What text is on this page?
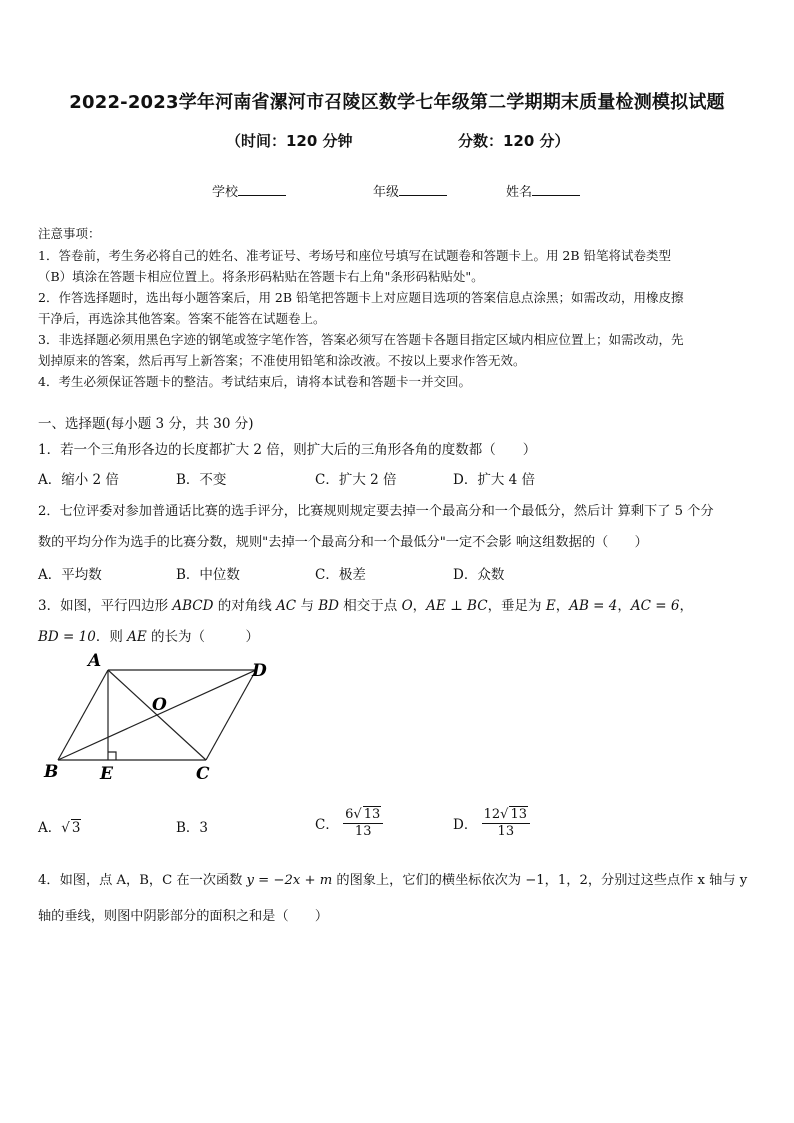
2022-2023学年河南省漯河市召陵区数学七年级第二学期期末质量检测模拟试题
（时间：120 分钟	分数：120 分）
学校	年级	姓名
注意事项：
1．答卷前，考生务必将自己的姓名、准考证号、考场号和座位号填写在试题卷和答题卡上。用 2B 铅笔将试卷类型
（B）填涂在答题卡相应位置上。将条形码粘贴在答题卡右上角"条形码粘贴处"。
2．作答选择题时，选出每小题答案后，用 2B 铅笔把答题卡上对应题目选项的答案信息点涂黑；如需改动，用橡皮擦
干净后，再选涂其他答案。答案不能答在试题卷上。
3．非选择题必须用黑色字迹的钢笔或签字笔作答，答案必须写在答题卡各题目指定区域内相应位置上；如需改动，先
划掉原来的答案，然后再写上新答案；不准使用铅笔和涂改液。不按以上要求作答无效。
4．考生必须保证答题卡的整洁。考试结束后，请将本试卷和答题卡一并交回。
一、选择题(每小题 3 分，共 30 分)
1．若一个三角形各边的长度都扩大 2 倍，则扩大后的三角形各角的度数都（　　）
A．缩小 2 倍	B．不变	C．扩大 2 倍	D．扩大 4 倍
2．七位评委对参加普通话比赛的选手评分，比赛规则规定要去掉一个最高分和一个最低分，然后计 算剩下了 5 个分
数的平均分作为选手的比赛分数，规则"去掉一个最高分和一个最低分"一定不会影 响这组数据的（　　）
A．平均数	B．中位数	C．极差	D．众数
3．如图，平行四边形 ABCD 的对角线 AC 与 BD 相交于点 O，AE ⊥ BC，垂足为 E，AB = 4，AC = 6，
BD = 10．则 AE 的长为（　　　）
A	D
O
B E	C
A．√ 3	B．3	C． $\frac{6√ 13}{13}$	D． $\frac{12√ 13}{13}$
4．如图，点 A，B，C 在一次函数 y = −2x + m 的图象上，它们的横坐标依次为 −1，1，2，分别过这些点作 x 轴与 y
轴的垂线，则图中阴影部分的面积之和是（　　）
